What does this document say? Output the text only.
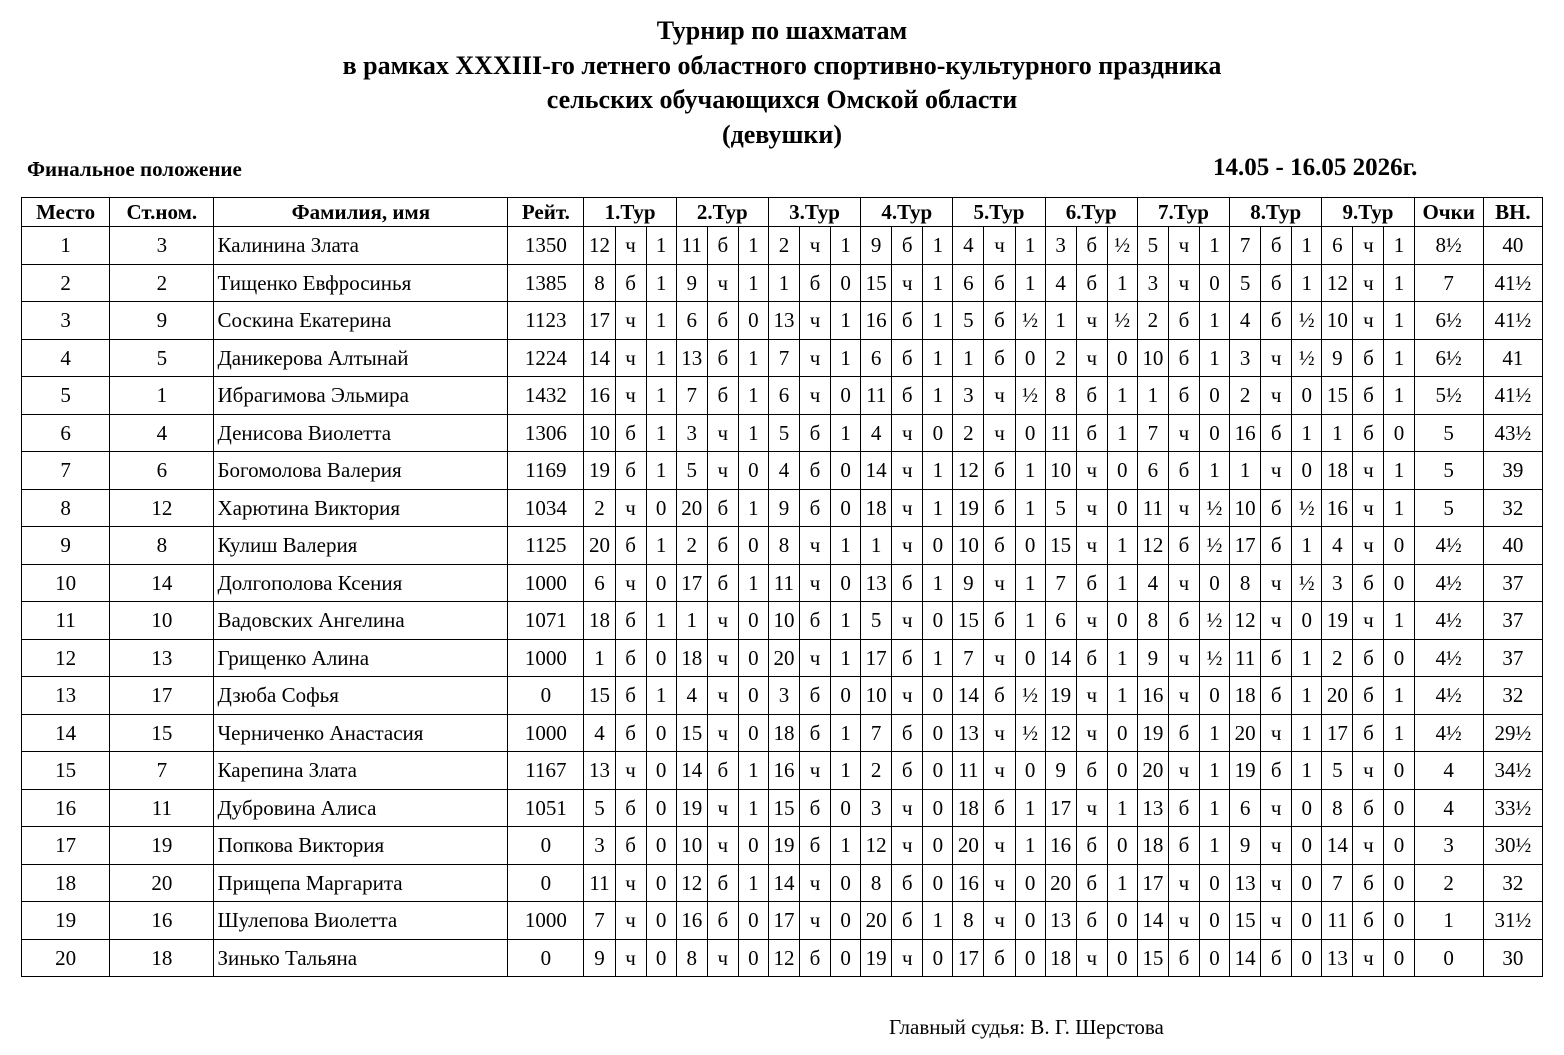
Турнир по шахматам
в рамках XXXIII-го летнего областного спортивно-культурного праздника
сельских обучающихся Омской области
(девушки)
Финальное положение	14.05 - 16.05 2026г.
Место	Ст.ном.	Фамилия, имя	Рейт.	1.Тур			2.Тур			3.Тур			4.Тур			5.Тур			6.Тур			7.Тур			8.Тур			9.Тур			Очки	ВН.
1	3	Калинина Злата	1350	12	ч	1	11	б	1	2	ч	1	9	б	1	4	ч	1	3	б	½	5	ч	1	7	б	1	6	ч	1	8½	40
2	2	Тищенко Евфросинья	1385	8	б	1	9	ч	1	1	б	0	15	ч	1	6	б	1	4	б	1	3	ч	0	5	б	1	12	ч	1	7	41½
3	9	Соскина Екатерина	1123	17	ч	1	6	б	0	13	ч	1	16	б	1	5	б	½	1	ч	½	2	б	1	4	б	½	10	ч	1	6½	41½
4	5	Даникерова Алтынай	1224	14	ч	1	13	б	1	7	ч	1	6	б	1	1	б	0	2	ч	0	10	б	1	3	ч	½	9	б	1	6½	41
5	1	Ибрагимова Эльмира	1432	16	ч	1	7	б	1	6	ч	0	11	б	1	3	ч	½	8	б	1	1	б	0	2	ч	0	15	б	1	5½	41½
6	4	Денисова Виолетта	1306	10	б	1	3	ч	1	5	б	1	4	ч	0	2	ч	0	11	б	1	7	ч	0	16	б	1	1	б	0	5	43½
7	6	Богомолова Валерия	1169	19	б	1	5	ч	0	4	б	0	14	ч	1	12	б	1	10	ч	0	6	б	1	1	ч	0	18	ч	1	5	39
8	12	Харютина Виктория	1034	2	ч	0	20	б	1	9	б	0	18	ч	1	19	б	1	5	ч	0	11	ч	½	10	б	½	16	ч	1	5	32
9	8	Кулиш Валерия	1125	20	б	1	2	б	0	8	ч	1	1	ч	0	10	б	0	15	ч	1	12	б	½	17	б	1	4	ч	0	4½	40
10	14	Долгополова Ксения	1000	6	ч	0	17	б	1	11	ч	0	13	б	1	9	ч	1	7	б	1	4	ч	0	8	ч	½	3	б	0	4½	37
11	10	Вадовских Ангелина	1071	18	б	1	1	ч	0	10	б	1	5	ч	0	15	б	1	6	ч	0	8	б	½	12	ч	0	19	ч	1	4½	37
12	13	Грищенко Алина	1000	1	б	0	18	ч	0	20	ч	1	17	б	1	7	ч	0	14	б	1	9	ч	½	11	б	1	2	б	0	4½	37
13	17	Дзюба Софья	0	15	б	1	4	ч	0	3	б	0	10	ч	0	14	б	½	19	ч	1	16	ч	0	18	б	1	20	б	1	4½	32
14	15	Черниченко Анастасия	1000	4	б	0	15	ч	0	18	б	1	7	б	0	13	ч	½	12	ч	0	19	б	1	20	ч	1	17	б	1	4½	29½
15	7	Карепина Злата	1167	13	ч	0	14	б	1	16	ч	1	2	б	0	11	ч	0	9	б	0	20	ч	1	19	б	1	5	ч	0	4	34½
16	11	Дубровина Алиса	1051	5	б	0	19	ч	1	15	б	0	3	ч	0	18	б	1	17	ч	1	13	б	1	6	ч	0	8	б	0	4	33½
17	19	Попкова Виктория	0	3	б	0	10	ч	0	19	б	1	12	ч	0	20	ч	1	16	б	0	18	б	1	9	ч	0	14	ч	0	3	30½
18	20	Прищепа Маргарита	0	11	ч	0	12	б	1	14	ч	0	8	б	0	16	ч	0	20	б	1	17	ч	0	13	ч	0	7	б	0	2	32
19	16	Шулепова Виолетта	1000	7	ч	0	16	б	0	17	ч	0	20	б	1	8	ч	0	13	б	0	14	ч	0	15	ч	0	11	б	0	1	31½
20	18	Зинько Тальяна	0	9	ч	0	8	ч	0	12	б	0	19	ч	0	17	б	0	18	ч	0	15	б	0	14	б	0	13	ч	0	0	30
Главный судья: В. Г. Шерстова
